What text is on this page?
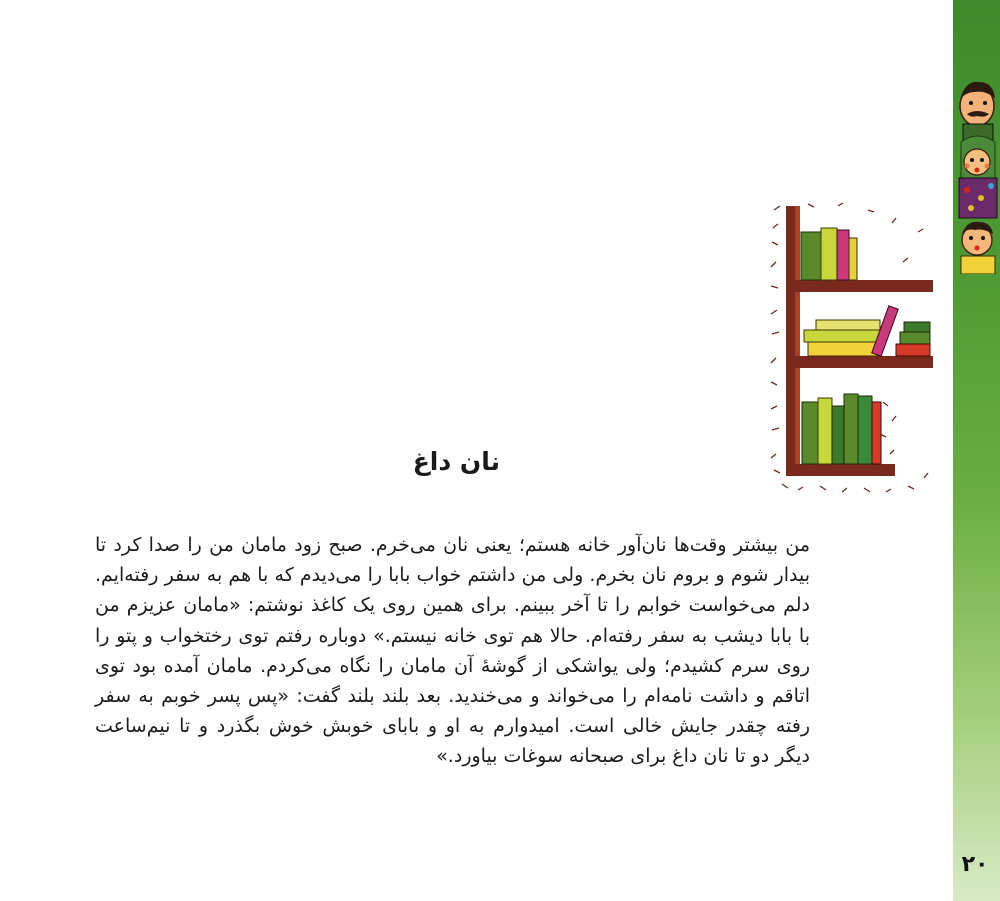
نان داغ

من بیشتر وقت‌ها نان‌آور خانه هستم؛ یعنی نان می‌خرم. صبح زود مامان من را صدا کرد تا بیدار شوم و بروم نان بخرم. ولی من داشتم خواب بابا را می‌دیدم که با هم به سفر رفته‌ایم. دلم می‌خواست خوابم را تا آخر ببینم. برای همین روی یک کاغذ نوشتم: «مامان عزیزم من با بابا دیشب به سفر رفته‌ام. حالا هم توی خانه نیستم.» دوباره رفتم توی رختخواب و پتو را روی سرم کشیدم؛ ولی یواشکی از گوشهٔ آن مامان را نگاه می‌کردم. مامان آمده بود توی اتاقم و داشت نامه‌ام را می‌خواند و می‌خندید. بعد بلند بلند گفت: «پس پسر خوبم به سفر رفته چقدر جایش خالی است. امیدوارم به او و بابای خوبش خوش بگذرد و تا نیم‌ساعت دیگر دو تا نان داغ برای صبحانه سوغات بیاورد.»

۲۰
